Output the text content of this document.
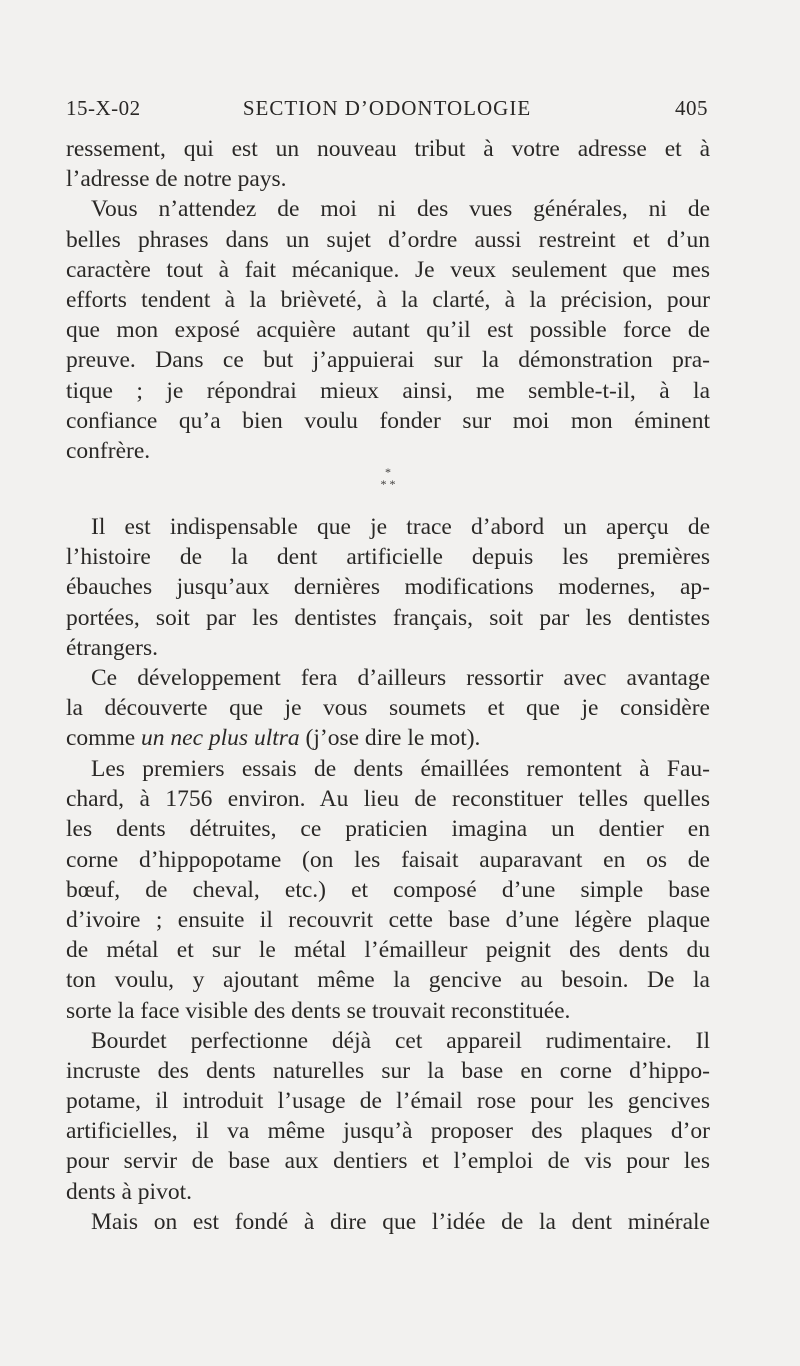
15-X-02	SECTION D’ODONTOLOGIE	405
ressement, qui est un nouveau tribut à votre adresse et à
l’adresse de notre pays.
Vous n’attendez de moi ni des vues générales, ni de
belles phrases dans un sujet d’ordre aussi restreint et d’un
caractère tout à fait mécanique. Je veux seulement que mes
efforts tendent à la brièveté, à la clarté, à la précision, pour
que mon exposé acquière autant qu’il est possible force de
preuve. Dans ce but j’appuierai sur la démonstration pra-
tique ; je répondrai mieux ainsi, me semble-t-il, à la
confiance qu’a bien voulu fonder sur moi mon éminent
confrère.
*
* *
Il est indispensable que je trace d’abord un aperçu de
l’histoire de la dent artificielle depuis les premières
ébauches jusqu’aux dernières modifications modernes, ap-
portées, soit par les dentistes français, soit par les dentistes
étrangers.
Ce développement fera d’ailleurs ressortir avec avantage
la découverte que je vous soumets et que je considère
comme un nec plus ultra (j’ose dire le mot).
Les premiers essais de dents émaillées remontent à Fau-
chard, à 1756 environ. Au lieu de reconstituer telles quelles
les dents détruites, ce praticien imagina un dentier en
corne d’hippopotame (on les faisait auparavant en os de
bœuf, de cheval, etc.) et composé d’une simple base
d’ivoire ; ensuite il recouvrit cette base d’une légère plaque
de métal et sur le métal l’émailleur peignit des dents du
ton voulu, y ajoutant même la gencive au besoin. De la
sorte la face visible des dents se trouvait reconstituée.
Bourdet perfectionne déjà cet appareil rudimentaire. Il
incruste des dents naturelles sur la base en corne d’hippo-
potame, il introduit l’usage de l’émail rose pour les gencives
artificielles, il va même jusqu’à proposer des plaques d’or
pour servir de base aux dentiers et l’emploi de vis pour les
dents à pivot.
Mais on est fondé à dire que l’idée de la dent minérale
